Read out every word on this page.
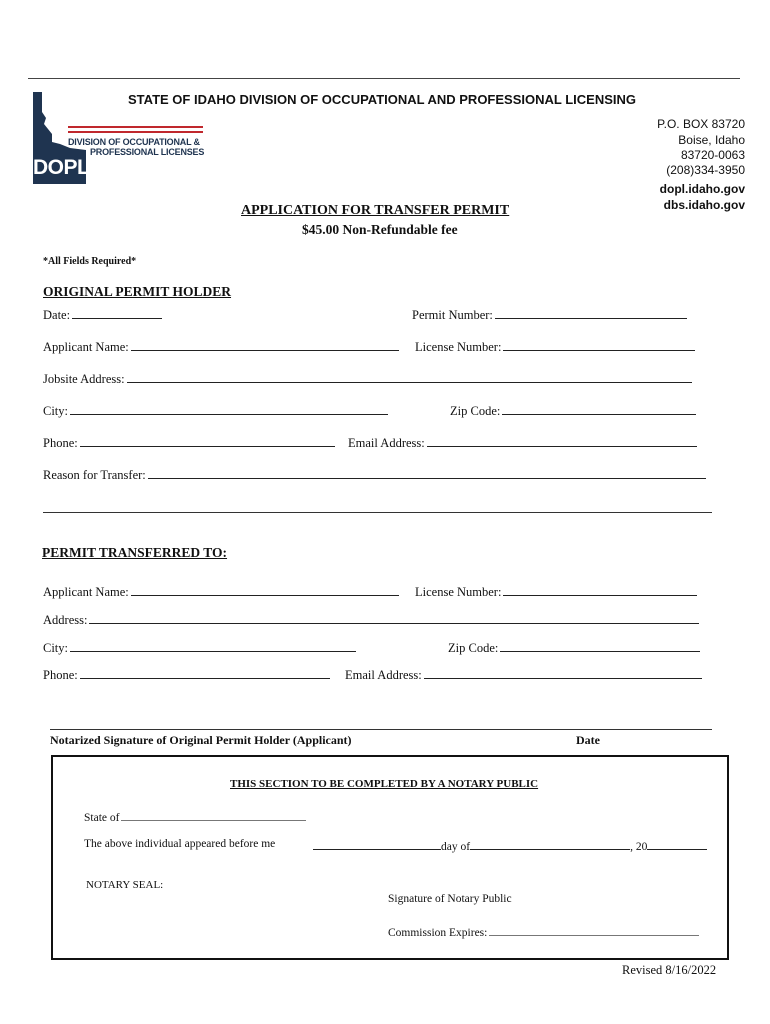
STATE OF IDAHO DIVISION OF OCCUPATIONAL AND PROFESSIONAL LICENSING
DOPL
DIVISION OF OCCUPATIONAL &
PROFESSIONAL LICENSES
P.O. BOX 83720
Boise, Idaho
83720-0063
(208)334-3950
dopl.idaho.gov
dbs.idaho.gov
APPLICATION FOR TRANSFER PERMIT
$45.00 Non-Refundable fee
*All Fields Required*
ORIGINAL PERMIT HOLDER
Date:	Permit Number:
Applicant Name:	License Number:
Jobsite Address:
City:	Zip Code:
Phone:	Email Address:
Reason for Transfer:
PERMIT TRANSFERRED TO:
Applicant Name:	License Number:
Address:
City:	Zip Code:
Phone:	Email Address:
Notarized Signature of Original Permit Holder (Applicant)	Date
THIS SECTION TO BE COMPLETED BY A NOTARY PUBLIC
State of
The above individual appeared before me	day of	, 20
NOTARY SEAL:
Signature of Notary Public
Commission Expires:
Revised 8/16/2022
